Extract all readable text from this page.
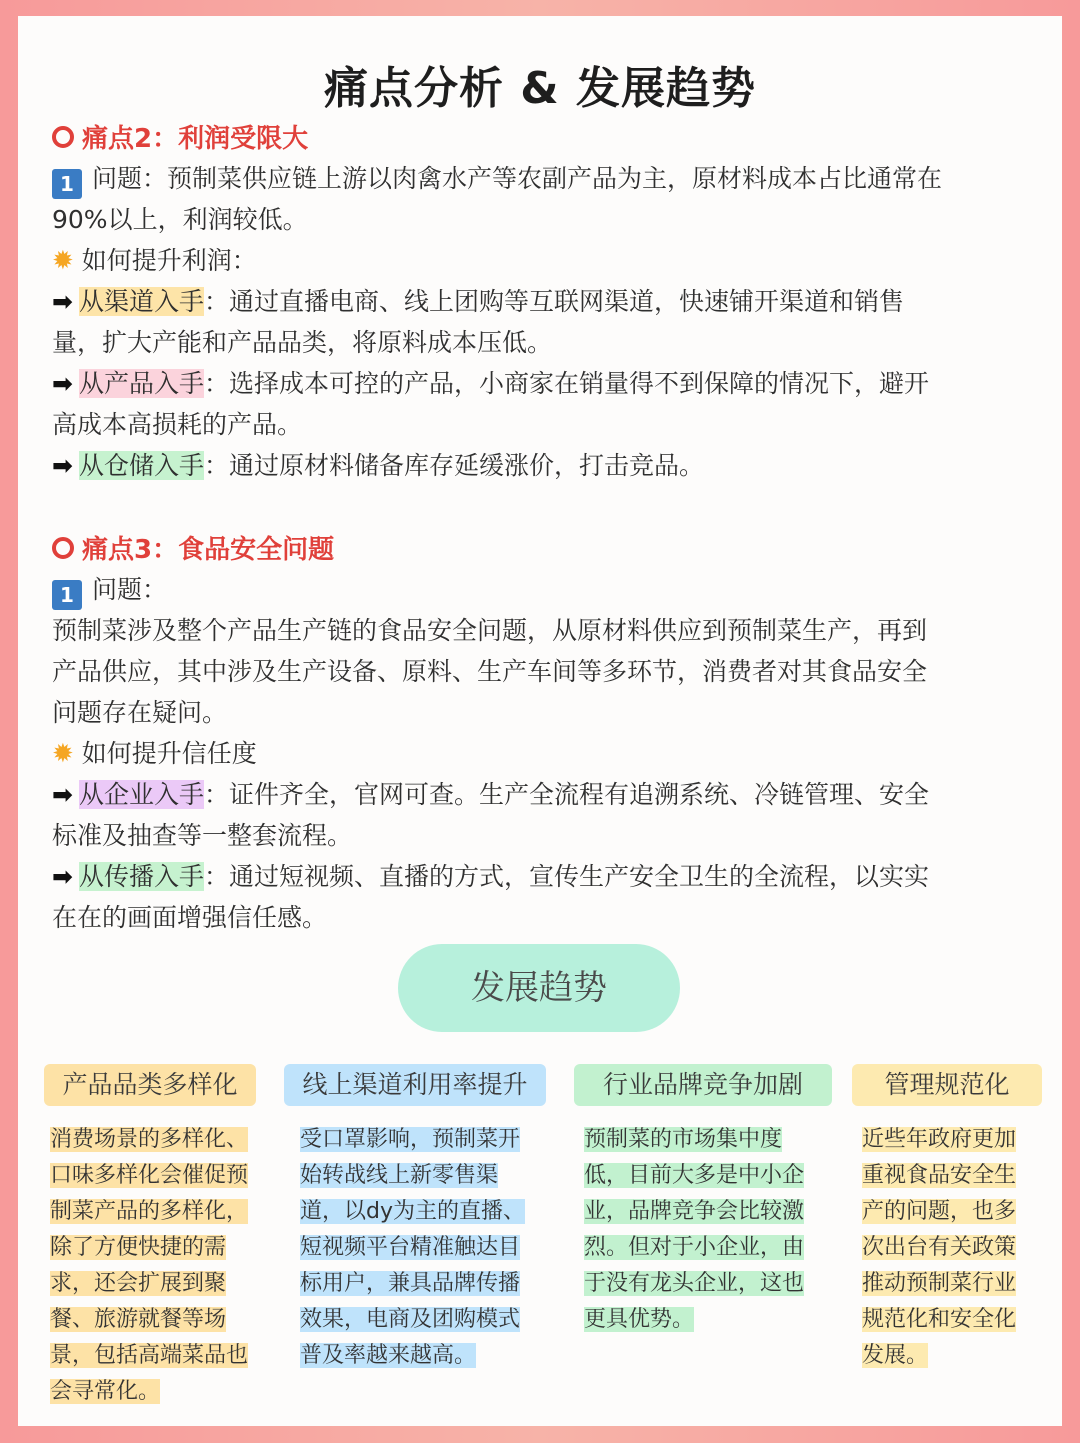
痛点分析 & 发展趋势
痛点2：利润受限大
1 问题：预制菜供应链上游以肉禽水产等农副产品为主，原材料成本占比通常在
90%以上，利润较低。
✹ 如何提升利润：
➡ 从渠道入手：通过直播电商、线上团购等互联网渠道，快速铺开渠道和销售
量，扩大产能和产品品类，将原料成本压低。
➡ 从产品入手：选择成本可控的产品，小商家在销量得不到保障的情况下，避开
高成本高损耗的产品。
➡ 从仓储入手：通过原材料储备库存延缓涨价，打击竞品。
痛点3：食品安全问题
1 问题：
预制菜涉及整个产品生产链的食品安全问题，从原材料供应到预制菜生产，再到
产品供应，其中涉及生产设备、原料、生产车间等多环节，消费者对其食品安全
问题存在疑问。
✹ 如何提升信任度
➡ 从企业入手：证件齐全，官网可查。生产全流程有追溯系统、冷链管理、安全
标准及抽查等一整套流程。
➡ 从传播入手：通过短视频、直播的方式，宣传生产安全卫生的全流程，以实实
在在的画面增强信任感。
发展趋势
产品品类多样化	线上渠道利用率提升	行业品牌竞争加剧	管理规范化
消费场景的多样化、
口味多样化会催促预
制菜产品的多样化，
除了方便快捷的需
求，还会扩展到聚
餐、旅游就餐等场
景，包括高端菜品也
会寻常化。
受口罩影响，预制菜开
始转战线上新零售渠
道，以dy为主的直播、
短视频平台精准触达目
标用户，兼具品牌传播
效果，电商及团购模式
普及率越来越高。
预制菜的市场集中度
低，目前大多是中小企
业，品牌竞争会比较激
烈。但对于小企业，由
于没有龙头企业，这也
更具优势。
近些年政府更加
重视食品安全生
产的问题，也多
次出台有关政策
推动预制菜行业
规范化和安全化
发展。
